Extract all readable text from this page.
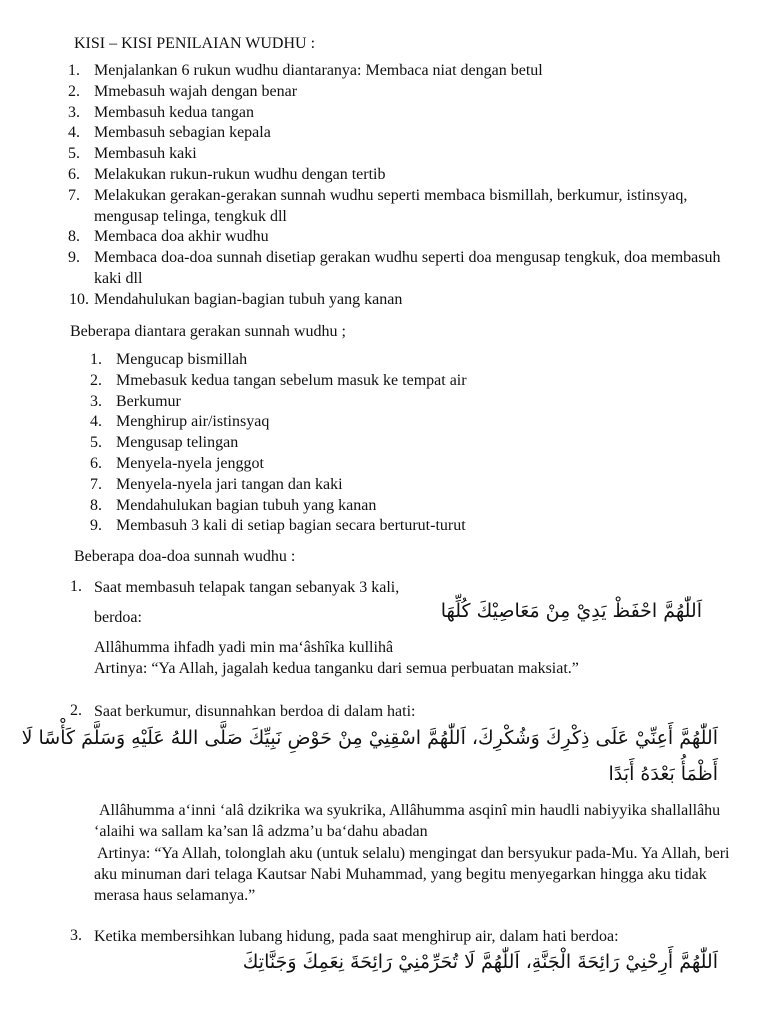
KISI – KISI PENILAIAN WUDHU :
1. Menjalankan 6 rukun wudhu diantaranya: Membaca niat dengan betul
2. Mmebasuh wajah dengan benar
3. Membasuh kedua tangan
4. Membasuh sebagian kepala
5. Membasuh kaki
6. Melakukan rukun-rukun wudhu dengan tertib
7. Melakukan gerakan-gerakan sunnah wudhu seperti membaca bismillah, berkumur, istinsyaq, mengusap telinga, tengkuk dll
8. Membaca doa akhir wudhu
9. Membaca doa-doa sunnah disetiap gerakan wudhu seperti doa mengusap tengkuk, doa membasuh kaki dll
10. Mendahulukan bagian-bagian tubuh yang kanan
Beberapa diantara gerakan sunnah wudhu ;
1. Mengucap bismillah
2. Mmebasuk kedua tangan sebelum masuk ke tempat air
3. Berkumur
4. Menghirup air/istinsyaq
5. Mengusap telingan
6. Menyela-nyela jenggot
7. Menyela-nyela jari tangan dan kaki
8. Mendahulukan bagian tubuh yang kanan
9. Membasuh 3 kali di setiap bagian secara berturut-turut
Beberapa doa-doa sunnah wudhu :
1. Saat membasuh telapak tangan sebanyak 3 kali,
berdoa:	اَللّٰهُمَّ احْفَظْ يَدِيْ مِنْ مَعَاصِيْكَ كُلِّهَا
Allâhumma ihfadh yadi min ma‘âshîka kullihâ
Artinya: “Ya Allah, jagalah kedua tanganku dari semua perbuatan maksiat.”
2. Saat berkumur, disunnahkan berdoa di dalam hati:
اَللّٰهُمَّ أَعِنِّيْ عَلَى ذِكْرِكَ وَشُكْرِكَ، اَللّٰهُمَّ اسْقِنِيْ مِنْ حَوْضِ نَبِيِّكَ صَلَّى اللهُ عَلَيْهِ وَسَلَّمَ كَأْسًا لَا
أَظْمَأُ بَعْدَهُ أَبَدًا
Allâhumma a‘inni ‘alâ dzikrika wa syukrika, Allâhumma asqinî min haudli nabiyyika shallallâhu ‘alaihi wa sallam ka’san lâ adzma’u ba‘dahu abadan
Artinya: “Ya Allah, tolonglah aku (untuk selalu) mengingat dan bersyukur pada-Mu. Ya Allah, beri aku minuman dari telaga Kautsar Nabi Muhammad, yang begitu menyegarkan hingga aku tidak merasa haus selamanya.”
3. Ketika membersihkan lubang hidung, pada saat menghirup air, dalam hati berdoa:
اَللّٰهُمَّ أَرِحْنِيْ رَائِحَةَ الْجَنَّةِ، اَللّٰهُمَّ لَا تُحَرِّمْنِيْ رَائِحَةَ نِعَمِكَ وَجَنَّاتِكَ
